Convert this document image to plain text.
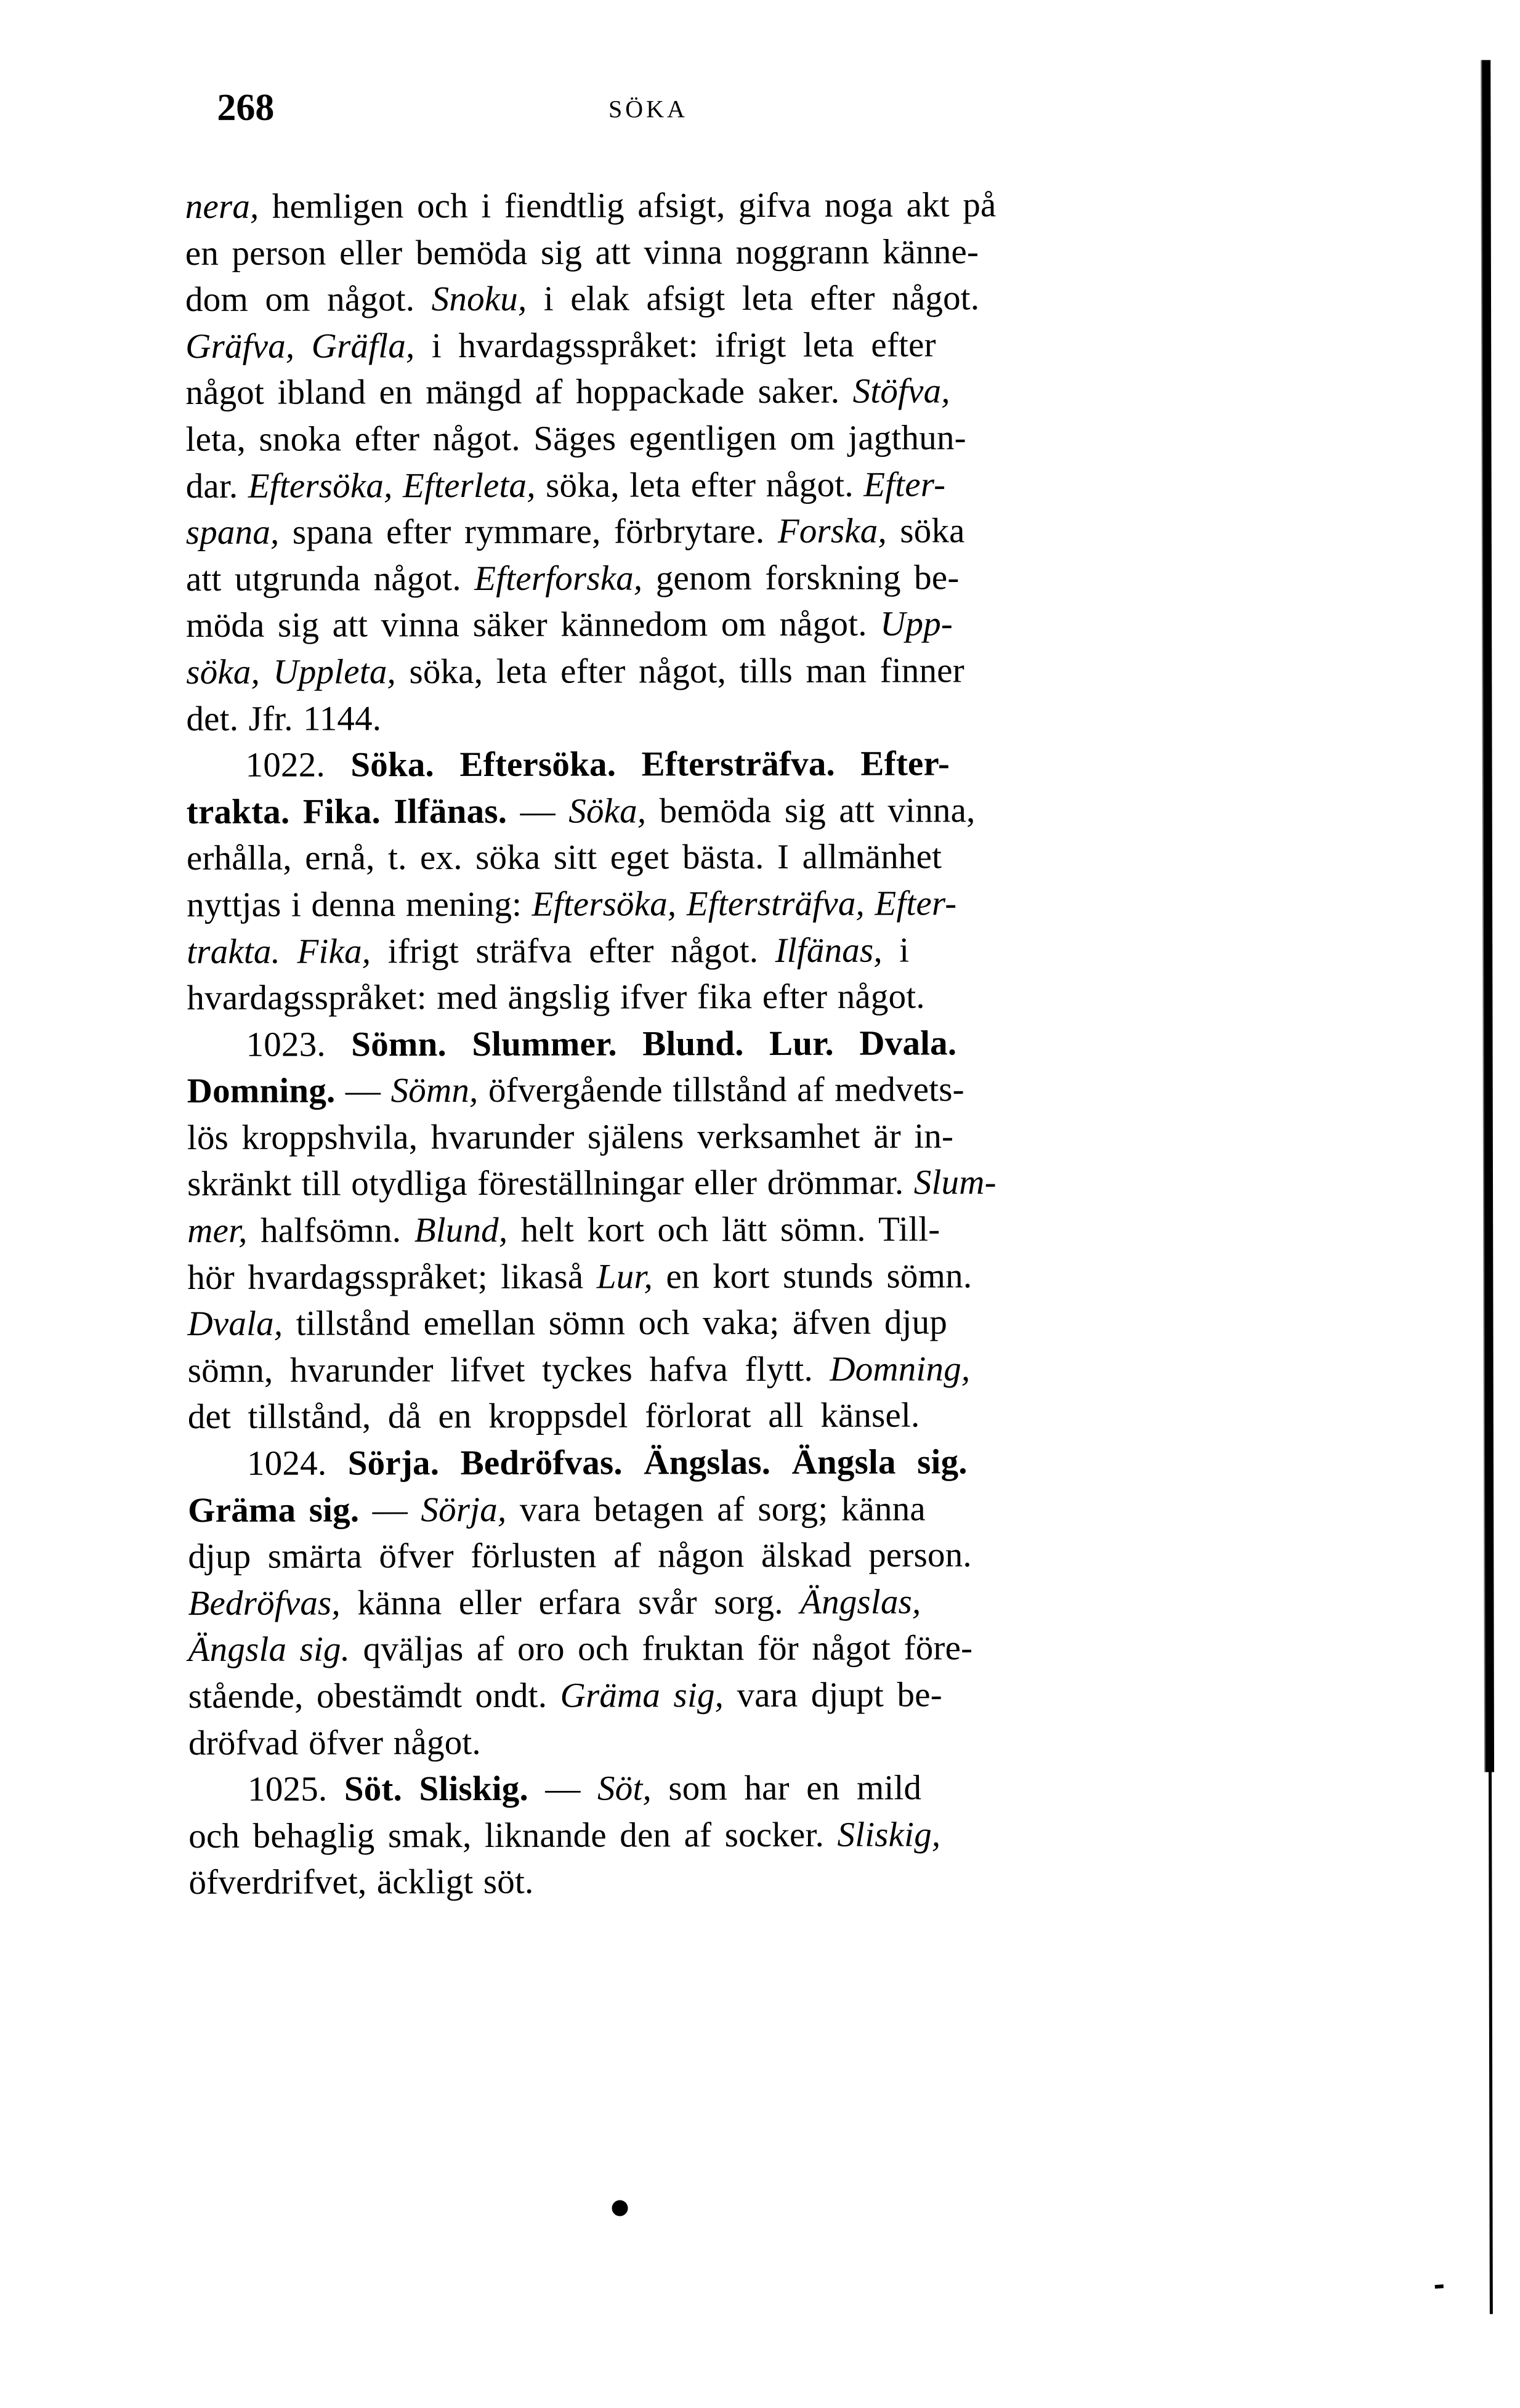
268	SÖKA
nera, hemligen och i fiendtlig afsigt, gifva noga akt på
en person eller bemöda sig att vinna noggrann känne-
dom om något. Snoku, i elak afsigt leta efter något.
Gräfva, Gräfla, i hvardagsspråket: ifrigt leta efter
något ibland en mängd af hoppackade saker. Stöfva,
leta, snoka efter något. Säges egentligen om jagthun-
dar. Eftersöka, Efterleta, söka, leta efter något. Efter-
spana, spana efter rymmare, förbrytare. Forska, söka
att utgrunda något. Efterforska, genom forskning be-
möda sig att vinna säker kännedom om något. Upp-
söka, Uppleta, söka, leta efter något, tills man finner
det. Jfr. 1144.
1022. Söka. Eftersöka. Eftersträfva. Efter-
trakta. Fika. Ilfänas. — Söka, bemöda sig att vinna,
erhålla, ernå, t. ex. söka sitt eget bästa. I allmänhet
nyttjas i denna mening: Eftersöka, Eftersträfva, Efter-
trakta. Fika, ifrigt sträfva efter något. Ilfänas, i
hvardagsspråket: med ängslig ifver fika efter något.
1023. Sömn. Slummer. Blund. Lur. Dvala.
Domning. — Sömn, öfvergående tillstånd af medvets-
lös kroppshvila, hvarunder själens verksamhet är in-
skränkt till otydliga föreställningar eller drömmar. Slum-
mer, halfsömn. Blund, helt kort och lätt sömn. Till-
hör hvardagsspråket; likaså Lur, en kort stunds sömn.
Dvala, tillstånd emellan sömn och vaka; äfven djup
sömn, hvarunder lifvet tyckes hafva flytt. Domning,
det tillstånd, då en kroppsdel förlorat all känsel.
1024. Sörja. Bedröfvas. Ängslas. Ängsla sig.
Gräma sig. — Sörja, vara betagen af sorg; känna
djup smärta öfver förlusten af någon älskad person.
Bedröfvas, känna eller erfara svår sorg. Ängslas,
Ängsla sig. qväljas af oro och fruktan för något före-
stående, obestämdt ondt. Gräma sig, vara djupt be-
dröfvad öfver något.
1025. Söt. Sliskig. — Söt, som har en mild
och behaglig smak, liknande den af socker. Sliskig,
öfverdrifvet, äckligt söt.
